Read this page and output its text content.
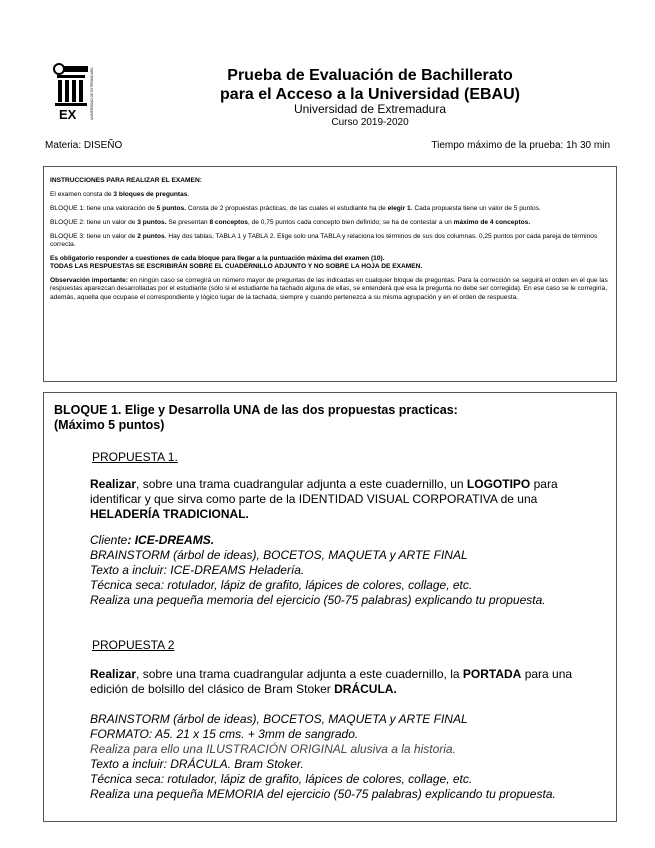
EX	UNIVERSIDAD DE EXTREMADURA	Prueba de Evaluación de Bachillerato
para el Acceso a la Universidad (EBAU)
Universidad de Extremadura
Curso 2019-2020
Materia: DISEÑO	Tiempo máximo de la prueba: 1h 30 min

INSTRUCCIONES PARA REALIZAR EL EXAMEN:

El examen consta de 3 bloques de preguntas.

BLOQUE 1: tiene una valoración de 5 puntos. Consta de 2 propuestas prácticas, de las cuales el estudiante ha de elegir 1. Cada propuesta tiene un valor de 5 puntos.

BLOQUE 2: tiene un valor de 3 puntos. Se presentan 8 conceptos, de 0,75 puntos cada concepto bien definido; se ha de contestar a un máximo de 4 conceptos.

BLOQUE 3: tiene un valor de 2 puntos. Hay dos tablas, TABLA 1 y TABLA 2. Elige solo una TABLA y relaciona los términos de sus dos columnas. 0,25 puntos por cada pareja de términos correcta.

Es obligatorio responder a cuestiones de cada bloque para llegar a la puntuación máxima del examen (10).
TODAS LAS RESPUESTAS SE ESCRIBIRÁN SOBRE EL CUADERNILLO ADJUNTO Y NO SOBRE LA HOJA DE EXAMEN.

Observación importante: en ningún caso se corregirá un número mayor de preguntas de las indicadas en cualquier bloque de preguntas. Para la corrección se seguirá el orden en el que las respuestas aparezcan desarrolladas por el estudiante (sólo si el estudiante ha tachado alguna de ellas, se entenderá que esa la pregunta no debe ser corregida). En ese caso se le corregiría, además, aquella que ocupase el correspondiente y lógico lugar de la tachada, siempre y cuando pertenezca a su misma agrupación y en el orden de respuesta.

BLOQUE 1. Elige y Desarrolla UNA de las dos propuestas practicas:
(Máximo 5 puntos)
PROPUESTA 1.
Realizar, sobre una trama cuadrangular adjunta a este cuadernillo, un LOGOTIPO para identificar y que sirva como parte de la IDENTIDAD VISUAL CORPORATIVA de una HELADERÍA TRADICIONAL.
Cliente: ICE-DREAMS.
BRAINSTORM (árbol de ideas), BOCETOS, MAQUETA y ARTE FINAL
Texto a incluir: ICE-DREAMS Heladería.
Técnica seca: rotulador, lápiz de grafito, lápices de colores, collage, etc.
Realiza una pequeña memoria del ejercicio (50-75 palabras) explicando tu propuesta.
PROPUESTA 2
Realizar, sobre una trama cuadrangular adjunta a este cuadernillo, la PORTADA para una edición de bolsillo del clásico de Bram Stoker DRÁCULA.
BRAINSTORM (árbol de ideas), BOCETOS, MAQUETA y ARTE FINAL
FORMATO: A5. 21 x 15 cms. + 3mm de sangrado.
Realiza para ello una ILUSTRACIÓN ORIGINAL alusiva a la historia.
Texto a incluir: DRÁCULA. Bram Stoker.
Técnica seca: rotulador, lápiz de grafito, lápices de colores, collage, etc.
Realiza una pequeña MEMORIA del ejercicio (50-75 palabras) explicando tu propuesta.
